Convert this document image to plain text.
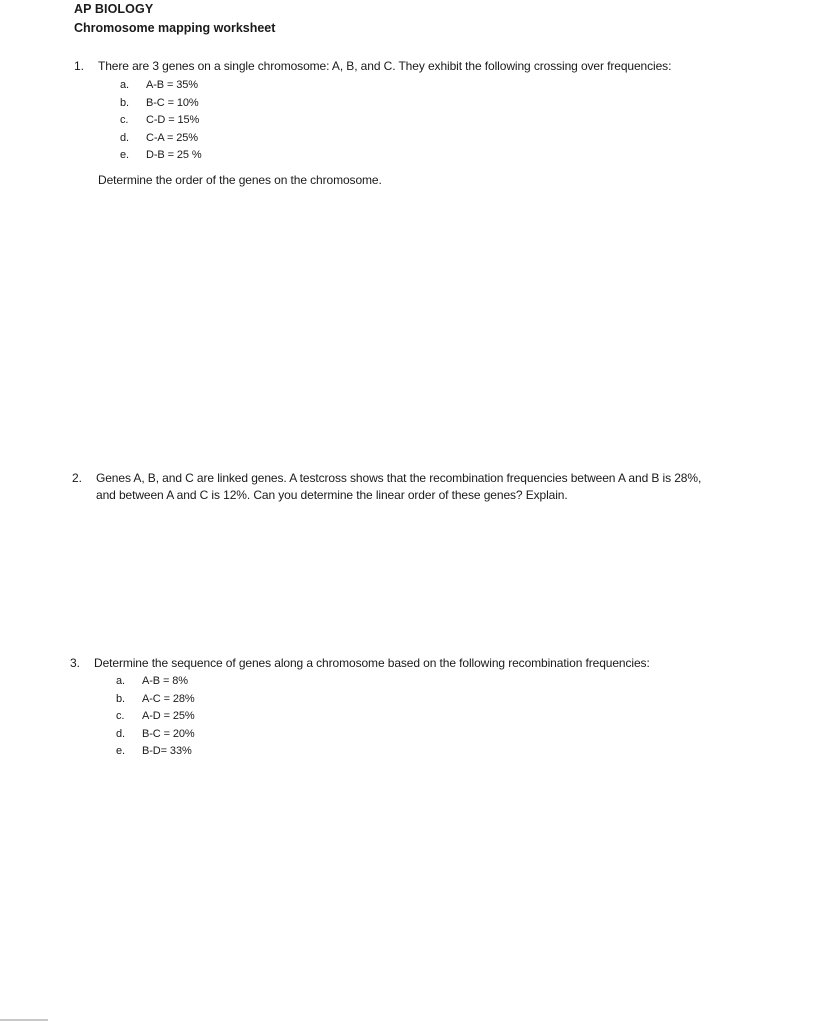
AP BIOLOGY
Chromosome mapping worksheet
1. There are 3 genes on a single chromosome: A, B, and C. They exhibit the following crossing over frequencies:
a. A-B = 35%
b. B-C = 10%
c. C-D = 15%
d. C-A = 25%
e. D-B = 25 %
Determine the order of the genes on the chromosome.
2. Genes A, B, and C are linked genes. A testcross shows that the recombination frequencies between A and B is 28%,
and between A and C is 12%. Can you determine the linear order of these genes? Explain.
3. Determine the sequence of genes along a chromosome based on the following recombination frequencies:
a. A-B = 8%
b. A-C = 28%
c. A-D = 25%
d. B-C = 20%
e. B-D= 33%
